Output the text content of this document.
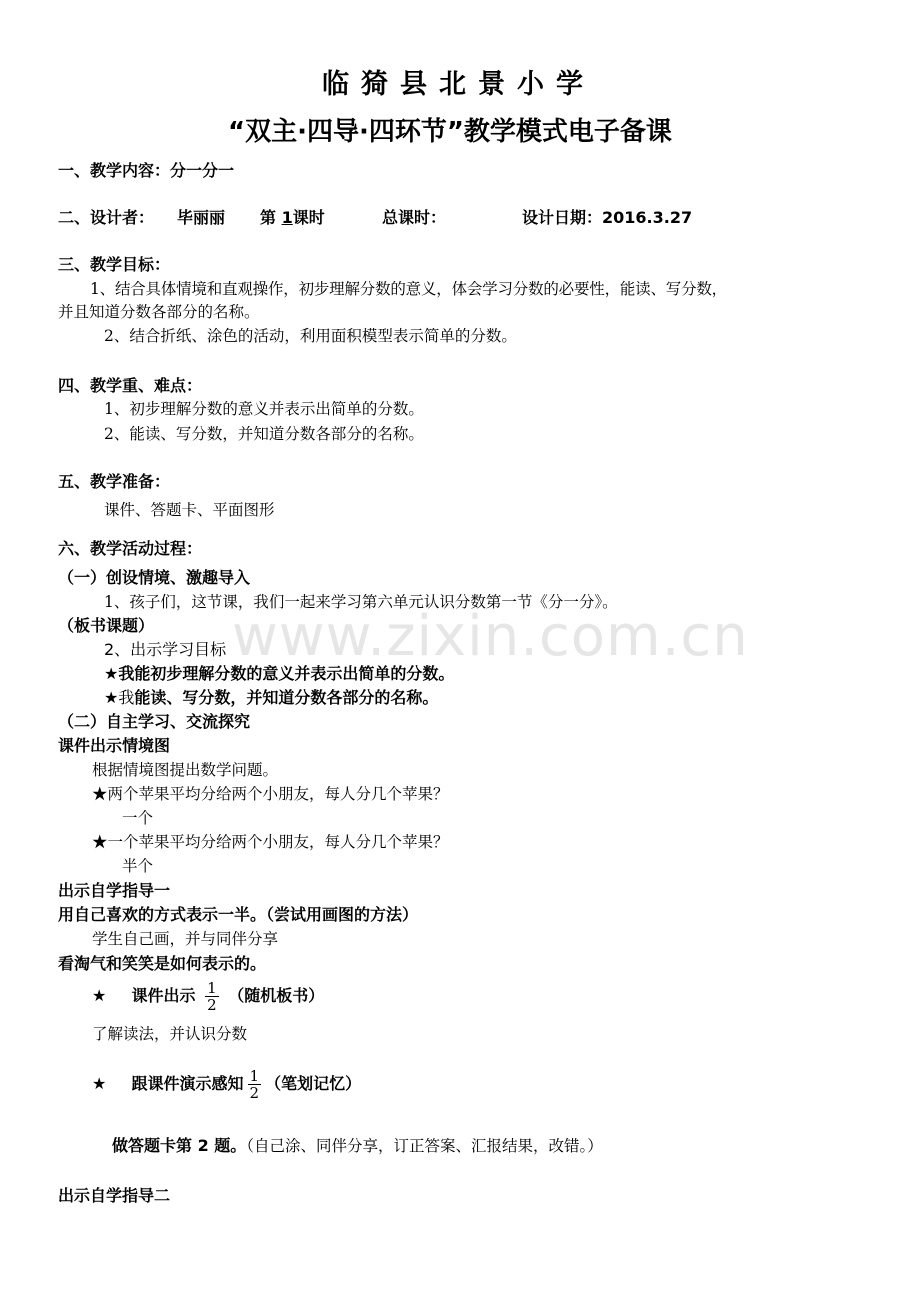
www.zixin.com.cn
临猗县北景小学
“双主·四导·四环节”教学模式电子备课
一、教学内容：分一分一
二、设计者： 毕丽丽 第 1课时	总课时：	设计日期：2016.3.27
三、教学目标：
1、结合具体情境和直观操作，初步理解分数的意义，体会学习分数的必要性，能读、写分数，
并且知道分数各部分的名称。
2、结合折纸、涂色的活动，利用面积模型表示简单的分数。
四、教学重、难点：
1、初步理解分数的意义并表示出简单的分数。
2、能读、写分数，并知道分数各部分的名称。
五、教学准备：
课件、答题卡、平面图形
六、教学活动过程：
（一）创设情境、激趣导入
1、孩子们，这节课，我们一起来学习第六单元认识分数第一节《分一分》。
（板书课题）
2、出示学习目标
★我能初步理解分数的意义并表示出简单的分数。
★我能读、写分数，并知道分数各部分的名称。
（二）自主学习、交流探究
课件出示情境图
根据情境图提出数学问题。
★两个苹果平均分给两个小朋友，每人分几个苹果？
一个
★一个苹果平均分给两个小朋友，每人分几个苹果？
半个
出示自学指导一
用自己喜欢的方式表示一半。（尝试用画图的方法）
学生自己画，并与同伴分享
看淘气和笑笑是如何表示的。
★ 课件出示 $\frac{1}{2}$ （随机板书）
了解读法，并认识分数
★ 跟课件演示感知 $\frac{1}{2}$ （笔划记忆）
做答题卡第 2 题。（自己涂、同伴分享，订正答案、汇报结果，改错。）
出示自学指导二
